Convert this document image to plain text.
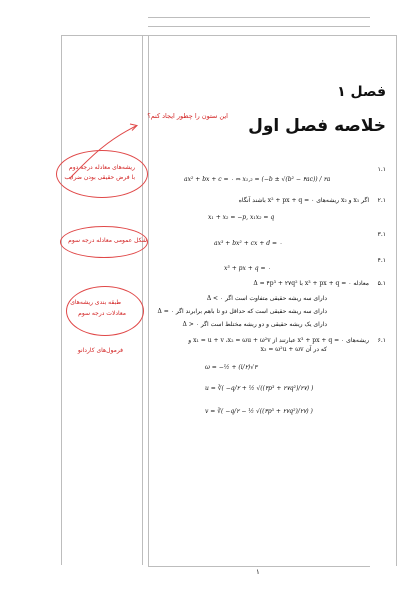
فصل ۱
خلاصه فصل اول
این ستون را چطور ایجاد کنم؟
ریشه‌های معادله درجه دوم
با فرض حقیقی بودن ضرایب
شکل عمومی معادله درجه سوم
طبقه بندی ریشه‌های
معادلات درجه سوم
فرمول‌های کاردانو
۱.۱
ax² + bx + c = ۰ ⇔ x₁,₂ = (−b ± √(b² − ۴ac)) / ۲a
۲.۱
اگر x₁ و x₂ ریشه‌های x² + px + q = ۰ باشند آنگاه
x₁ + x₂ = −p, x₁x₂ = q
۳.۱
ax³ + bx² + cx + d = ۰
۴.۱
x³ + px + q = ۰
۵.۱
معادله x³ + px + q = ۰ با Δ = ۴p³ + ۲۷q²
دارای سه ریشه حقیقی متفاوت است اگر Δ < ۰
دارای سه ریشه حقیقی است که حداقل دو تا باهم برابرند اگر Δ = ۰
دارای یک ریشه حقیقی و دو ریشه مختلط است اگر Δ > ۰
۶.۱
ریشه‌های x³ + px + q = ۰ عبارتند از x₁ = u + v ،x₂ = ωu + ω²v و
x₃ = ω²u + ωv که در آن
ω = −½ + (i/۲)√۳
u = ∛( −q/۲ + ½ √((۴p³ + ۲۷q²)/۲۷) )
v = ∛( −q/۲ − ½ √((۴p³ + ۲۷q²)/۲۷) )
۱
